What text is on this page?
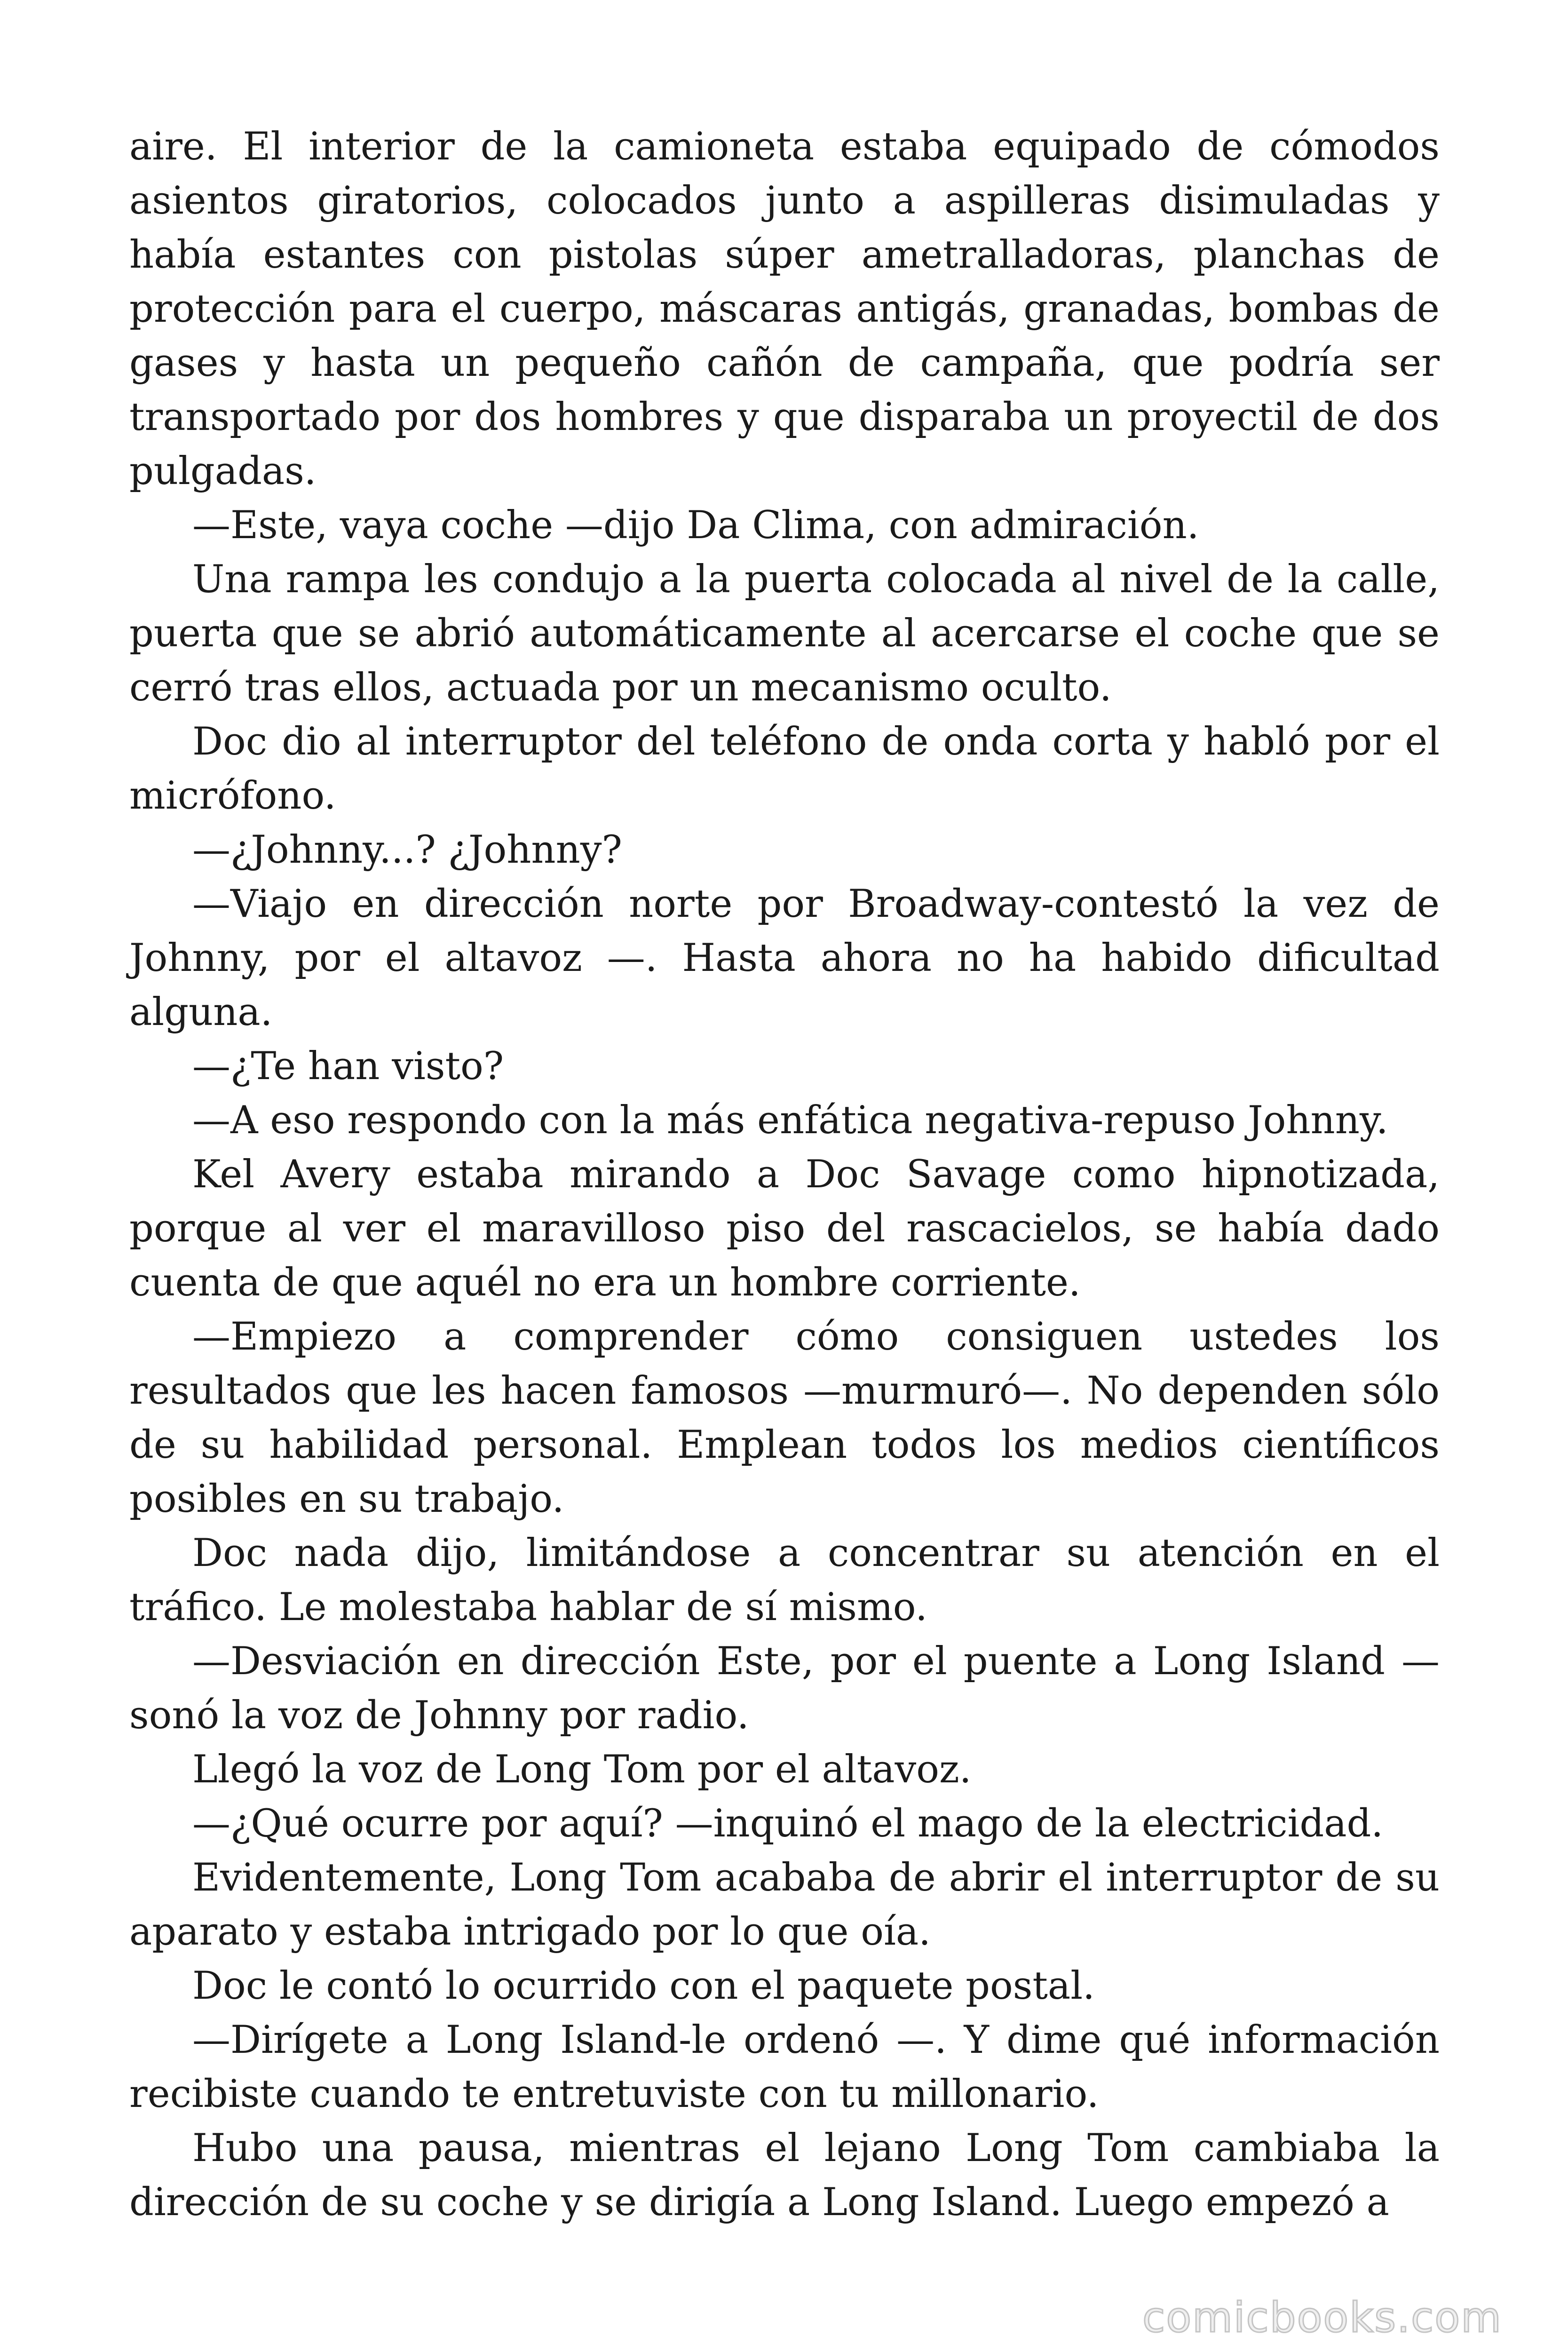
aire. El interior de la camioneta estaba equipado de cómodos asientos giratorios, colocados junto a aspilleras disimuladas y había estantes con pistolas súper ametralladoras, planchas de protección para el cuerpo, máscaras antigás, granadas, bombas de gases y hasta un pequeño cañón de campaña, que podría ser transportado por dos hombres y que disparaba un proyectil de dos pulgadas.

—Este, vaya coche —dijo Da Clima, con admiración.

Una rampa les condujo a la puerta colocada al nivel de la calle, puerta que se abrió automáticamente al acercarse el coche que se cerró tras ellos, actuada por un mecanismo oculto.

Doc dio al interruptor del teléfono de onda corta y habló por el micrófono.

—¿Johnny...? ¿Johnny?

—Viajo en dirección norte por Broadway-contestó la vez de Johnny, por el altavoz —. Hasta ahora no ha habido dificultad alguna.

—¿Te han visto?

—A eso respondo con la más enfática negativa-repuso Johnny.

Kel Avery estaba mirando a Doc Savage como hipnotizada, porque al ver el maravilloso piso del rascacielos, se había dado cuenta de que aquél no era un hombre corriente.

—Empiezo a comprender cómo consiguen ustedes los resultados que les hacen famosos —murmuró—. No dependen sólo de su habilidad personal. Emplean todos los medios científicos posibles en su trabajo.

Doc nada dijo, limitándose a concentrar su atención en el tráfico. Le molestaba hablar de sí mismo.

—Desviación en dirección Este, por el puente a Long Island — sonó la voz de Johnny por radio.

Llegó la voz de Long Tom por el altavoz.

—¿Qué ocurre por aquí? —inquinó el mago de la electricidad.

Evidentemente, Long Tom acababa de abrir el interruptor de su aparato y estaba intrigado por lo que oía.

Doc le contó lo ocurrido con el paquete postal.

—Dirígete a Long Island-le ordenó —. Y dime qué información recibiste cuando te entretuviste con tu millonario.

Hubo una pausa, mientras el lejano Long Tom cambiaba la dirección de su coche y se dirigía a Long Island. Luego empezó a

comicbooks.com
